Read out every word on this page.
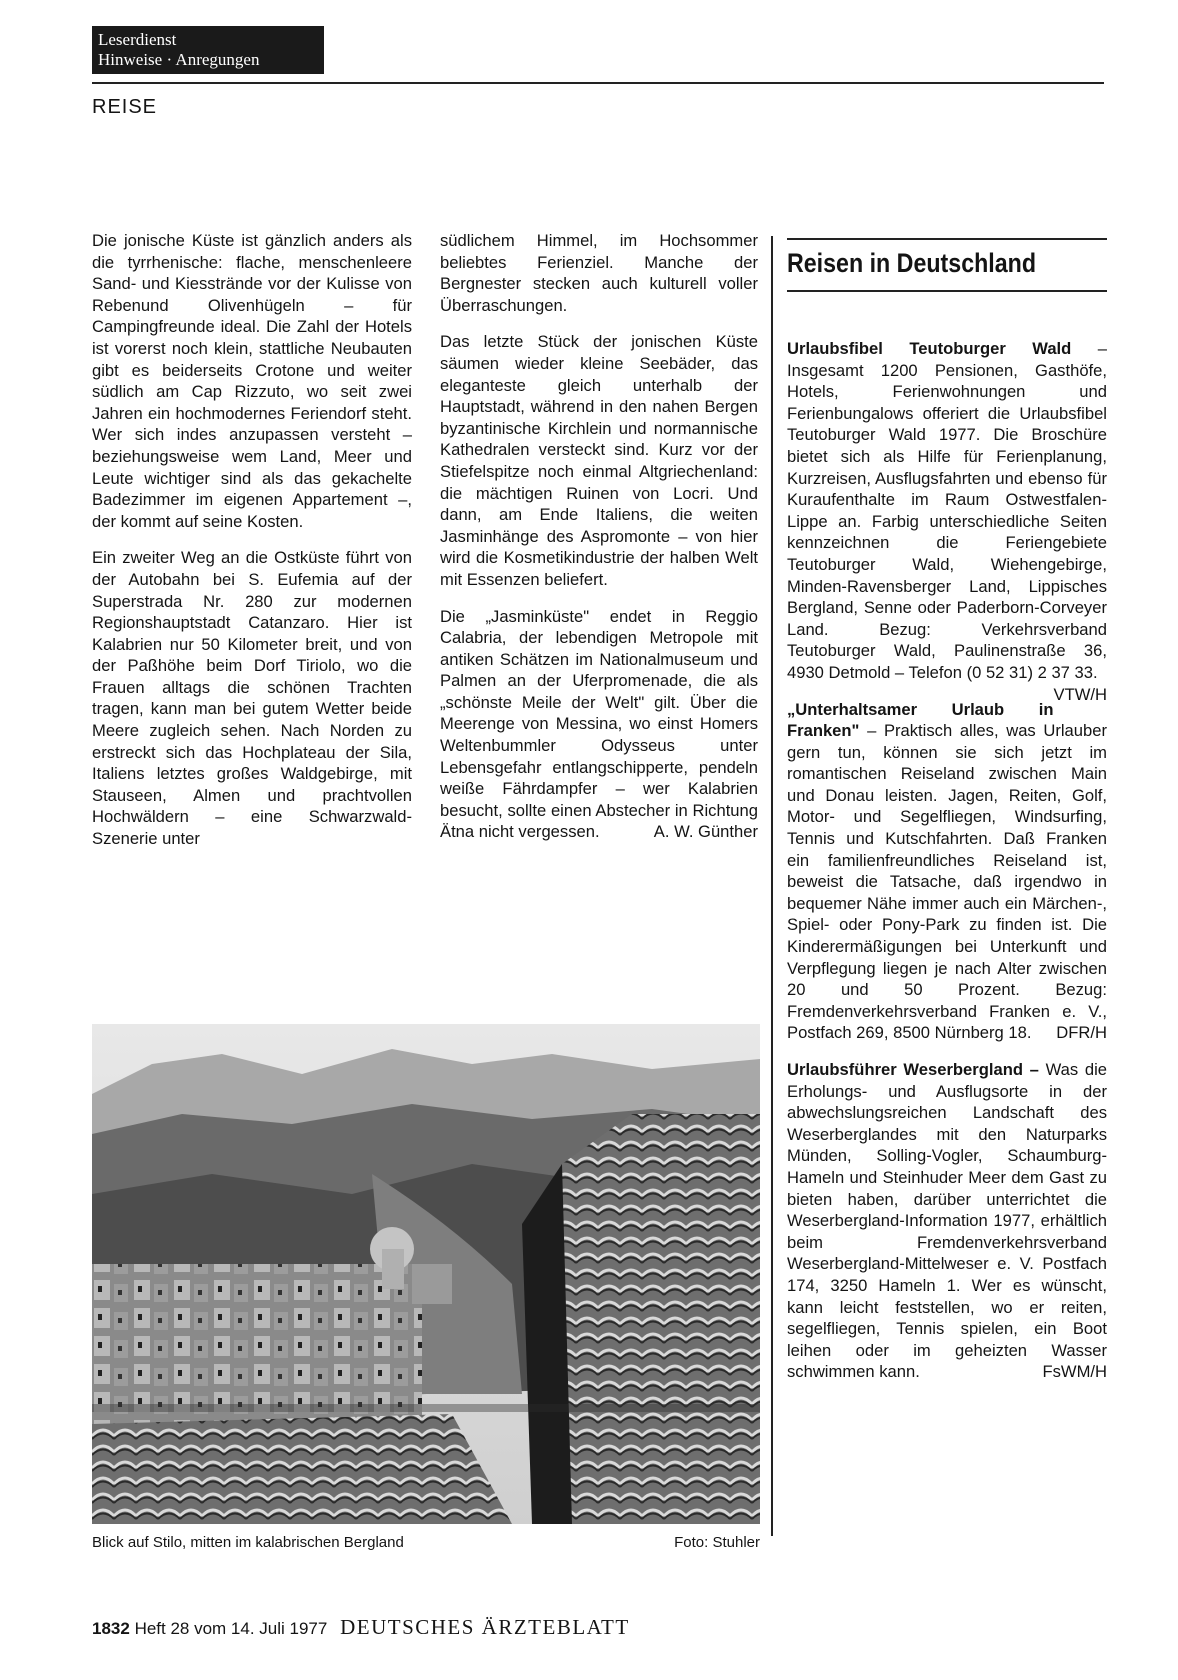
Leserdienst
Hinweise · Anregungen
REISE

Die jonische Küste ist gänzlich anders als die tyrrhenische: flache, menschenleere Sand- und Kiesstrände vor der Kulisse von Rebenund Olivenhügeln – für Campingfreunde ideal. Die Zahl der Hotels ist vorerst noch klein, stattliche Neubauten gibt es beiderseits Crotone und weiter südlich am Cap Rizzuto, wo seit zwei Jahren ein hochmodernes Feriendorf steht. Wer sich indes anzupassen versteht – beziehungsweise wem Land, Meer und Leute wichtiger sind als das gekachelte Badezimmer im eigenen Appartement –, der kommt auf seine Kosten.

Ein zweiter Weg an die Ostküste führt von der Autobahn bei S. Eufemia auf der Superstrada Nr. 280 zur modernen Regionshauptstadt Catanzaro. Hier ist Kalabrien nur 50 Kilometer breit, und von der Paßhöhe beim Dorf Tiriolo, wo die Frauen alltags die schönen Trachten tragen, kann man bei gutem Wetter beide Meere zugleich sehen. Nach Norden zu erstreckt sich das Hochplateau der Sila, Italiens letztes großes Waldgebirge, mit Stauseen, Almen und prachtvollen Hochwäldern – eine Schwarzwald-Szenerie unter

südlichem Himmel, im Hochsommer beliebtes Ferienziel. Manche der Bergnester stecken auch kulturell voller Überraschungen.

Das letzte Stück der jonischen Küste säumen wieder kleine Seebäder, das eleganteste gleich unterhalb der Hauptstadt, während in den nahen Bergen byzantinische Kirchlein und normannische Kathedralen versteckt sind. Kurz vor der Stiefelspitze noch einmal Altgriechenland: die mächtigen Ruinen von Locri. Und dann, am Ende Italiens, die weiten Jasminhänge des Aspromonte – von hier wird die Kosmetikindustrie der halben Welt mit Essenzen beliefert.

Die „Jasminküste" endet in Reggio Calabria, der lebendigen Metropole mit antiken Schätzen im Nationalmuseum und Palmen an der Uferpromenade, die als „schönste Meile der Welt" gilt. Über die Meerenge von Messina, wo einst Homers Weltenbummler Odysseus unter Lebensgefahr entlangschipperte, pendeln weiße Fährdampfer – wer Kalabrien besucht, sollte einen Abstecher in Richtung Ätna nicht vergessen.	A. W. Günther

Reisen in Deutschland

Urlaubsfibel Teutoburger Wald – Insgesamt 1200 Pensionen, Gasthöfe, Hotels, Ferienwohnungen und Ferienbungalows offeriert die Urlaubsfibel Teutoburger Wald 1977. Die Broschüre bietet sich als Hilfe für Ferienplanung, Kurzreisen, Ausflugsfahrten und ebenso für Kuraufenthalte im Raum Ostwestfalen-Lippe an. Farbig unterschiedliche Seiten kennzeichnen die Feriengebiete Teutoburger Wald, Wiehengebirge, Minden-Ravensberger Land, Lippisches Bergland, Senne oder Paderborn-Corveyer Land. Bezug: Verkehrsverband Teutoburger Wald, Paulinenstraße 36, 4930 Detmold – Telefon (0 52 31) 2 37 33.
VTW/H

„Unterhaltsamer Urlaub in Franken" – Praktisch alles, was Urlauber gern tun, können sie sich jetzt im romantischen Reiseland zwischen Main und Donau leisten. Jagen, Reiten, Golf, Motor- und Segelfliegen, Windsurfing, Tennis und Kutschfahrten. Daß Franken ein familienfreundliches Reiseland ist, beweist die Tatsache, daß irgendwo in bequemer Nähe immer auch ein Märchen-, Spiel- oder Pony-Park zu finden ist. Die Kinderermäßigungen bei Unterkunft und Verpflegung liegen je nach Alter zwischen 20 und 50 Prozent. Bezug: Fremdenverkehrsverband Franken e. V., Postfach 269, 8500 Nürnberg 18. DFR/H

Urlaubsführer Weserbergland – Was die Erholungs- und Ausflugsorte in der abwechslungsreichen Landschaft des Weserberglandes mit den Naturparks Münden, Solling-Vogler, Schaumburg-Hameln und Steinhuder Meer dem Gast zu bieten haben, darüber unterrichtet die Weserbergland-Information 1977, erhältlich beim Fremdenverkehrsverband Weserbergland-Mittelweser e. V. Postfach 174, 3250 Hameln 1. Wer es wünscht, kann leicht feststellen, wo er reiten, segelfliegen, Tennis spielen, ein Boot leihen oder im geheizten Wasser schwimmen kann.	FsWM/H

Blick auf Stilo, mitten im kalabrischen Bergland	Foto: Stuhler
1832 Heft 28 vom 14. Juli 1977 DEUTSCHES ÄRZTEBLATT
